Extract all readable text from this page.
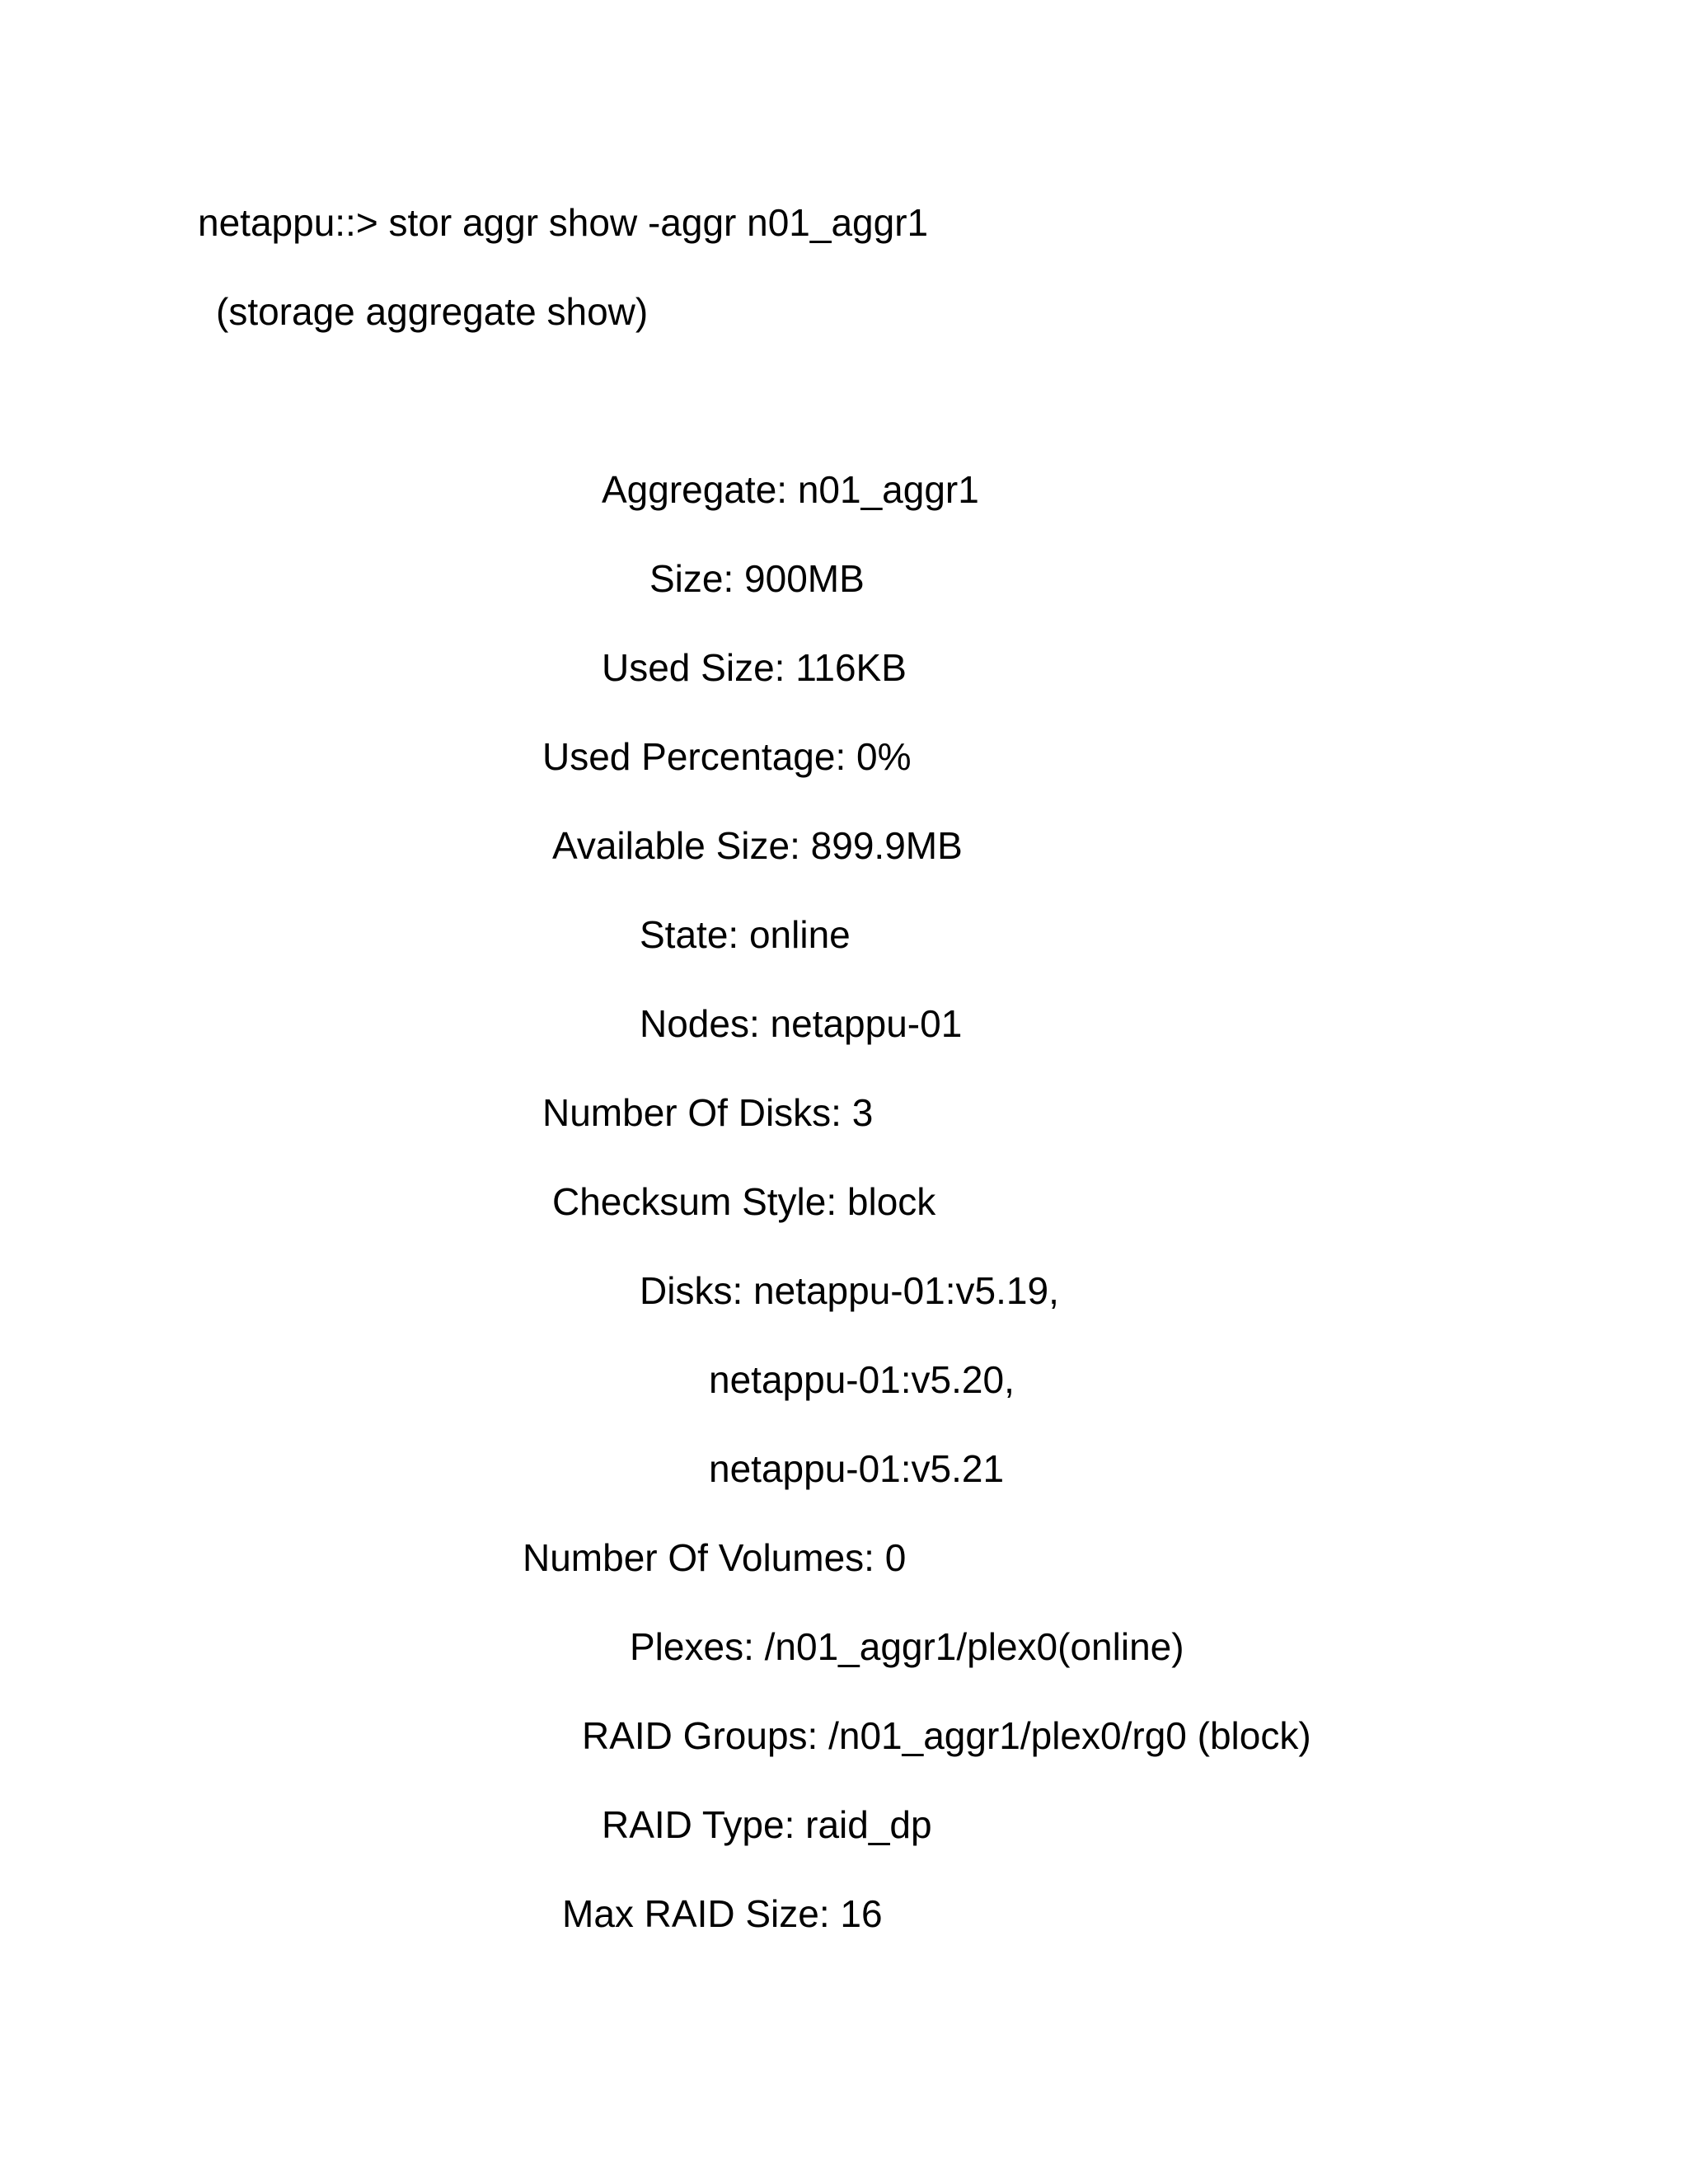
netappu::> stor aggr show -aggr n01_aggr1
(storage aggregate show)
Aggregate: n01_aggr1
Size: 900MB
Used Size: 116KB
Used Percentage: 0%
Available Size: 899.9MB
State: online
Nodes: netappu-01
Number Of Disks: 3
Checksum Style: block
Disks: netappu-01:v5.19,
netappu-01:v5.20,
netappu-01:v5.21
Number Of Volumes: 0
Plexes: /n01_aggr1/plex0(online)
RAID Groups: /n01_aggr1/plex0/rg0 (block)
RAID Type: raid_dp
Max RAID Size: 16
